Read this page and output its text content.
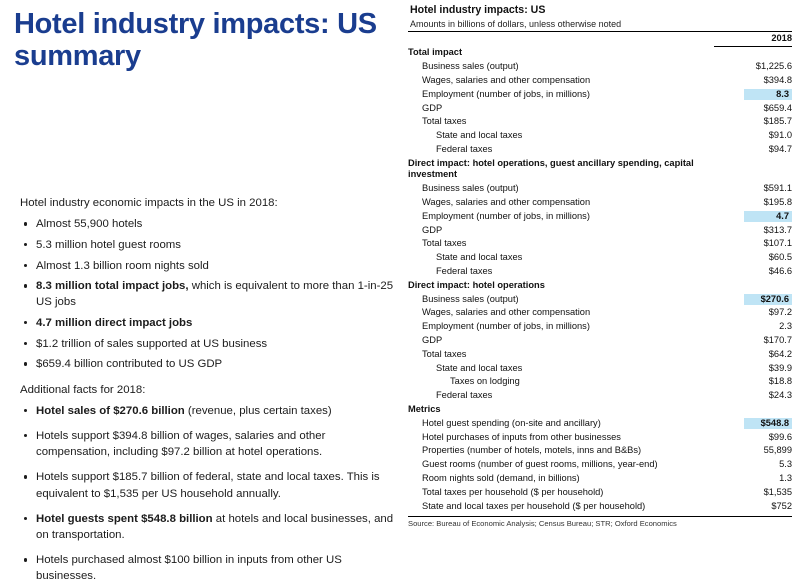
Hotel industry impacts: US summary

Hotel industry economic impacts in the US in 2018:

Almost 55,900 hotels
5.3 million hotel guest rooms
Almost 1.3 billion room nights sold
8.3 million total impact jobs, which is equivalent to more than 1-in-25 US jobs
4.7 million direct impact jobs
$1.2 trillion of sales supported at US business
$659.4 billion contributed to US GDP

Additional facts for 2018:

Hotel sales of $270.6 billion (revenue, plus certain taxes)
Hotels support $394.8 billion of wages, salaries and other compensation, including $97.2 billion at hotel operations.
Hotels support $185.7 billion of federal, state and local taxes. This is equivalent to $1,535 per US household annually.
Hotel guests spent $548.8 billion at hotels and local businesses, and on transportation.
Hotels purchased almost $100 billion in inputs from other US businesses.
Hotel industry impacts: US
Amounts in billions of dollars, unless otherwise noted
	2018
Total impact	
Business sales (output)	$1,225.6
Wages, salaries and other compensation	$394.8
Employment (number of jobs, in millions)	8.3
GDP	$659.4
Total taxes	$185.7
State and local taxes	$91.0
Federal taxes	$94.7
Direct impact: hotel operations, guest ancillary spending, capital investment	
Business sales (output)	$591.1
Wages, salaries and other compensation	$195.8
Employment (number of jobs, in millions)	4.7
GDP	$313.7
Total taxes	$107.1
State and local taxes	$60.5
Federal taxes	$46.6
Direct impact: hotel operations	
Business sales (output)	$270.6
Wages, salaries and other compensation	$97.2
Employment (number of jobs, in millions)	2.3
GDP	$170.7
Total taxes	$64.2
State and local taxes	$39.9
Taxes on lodging	$18.8
Federal taxes	$24.3
Metrics	
Hotel guest spending (on-site and ancillary)	$548.8
Hotel purchases of inputs from other businesses	$99.6
Properties (number of hotels, motels, inns and B&Bs)	55,899
Guest rooms (number of guest rooms, millions, year-end)	5.3
Room nights sold (demand, in billions)	1.3
Total taxes per household ($ per household)	$1,535
State and local taxes per household ($ per household)	$752
Source: Bureau of Economic Analysis; Census Bureau; STR; Oxford Economics
